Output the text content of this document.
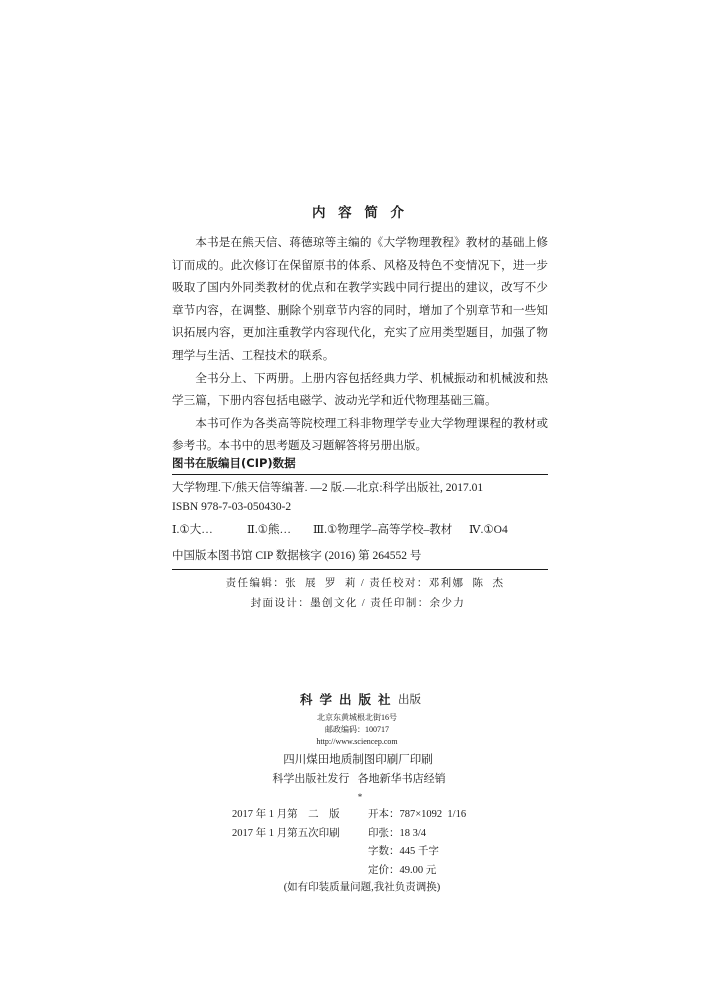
内 容 简 介
本书是在熊天信、蒋德琼等主编的《大学物理教程》教材的基础上修
订而成的。此次修订在保留原书的体系、风格及特色不变情况下，进一步
吸取了国内外同类教材的优点和在教学实践中同行提出的建议，改写不少
章节内容，在调整、删除个别章节内容的同时，增加了个别章节和一些知
识拓展内容，更加注重教学内容现代化，充实了应用类型题目，加强了物
理学与生活、工程技术的联系。
全书分上、下两册。上册内容包括经典力学、机械振动和机械波和热
学三篇，下册内容包括电磁学、波动光学和近代物理基础三篇。
本书可作为各类高等院校理工科非物理学专业大学物理课程的教材或
参考书。本书中的思考题及习题解答将另册出版。
图书在版编目(CIP)数据
大学物理.下/熊天信等编著. —2 版.—北京:科学出版社, 2017.01
ISBN 978-7-03-050430-2

Ⅰ.①大…

	Ⅱ.①熊…

Ⅲ.①物理学–高等学校–教材

Ⅳ.①O4

中国版本图书馆 CIP 数据核字 (2016) 第 264552 号
责任编辑：张  展  罗  莉 / 责任校对：邓利娜  陈  杰
封面设计：墨创文化 / 责任印制：余少力
科学出版社 出版
北京东黄城根北街16号
邮政编码：100717
http://www.sciencep.com
四川煤田地质制图印刷厂印刷
科学出版社发行   各地新华书店经销
*
2017 年 1 月第　二　版	开本：787×1092  1/16
2017 年 1 月第五次印刷	印张：18 3/4
字数：445 千字
定价：49.00 元
(如有印装质量问题,我社负责调换)
